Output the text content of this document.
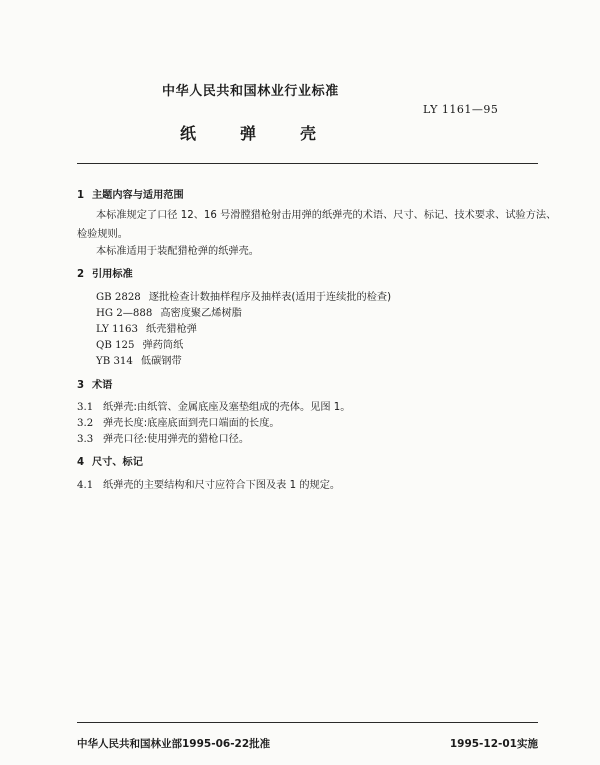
中华人民共和国林业行业标准
LY 1161—95
纸　弹　壳
1 主题内容与适用范围
本标准规定了口径 12、16 号滑膛猎枪射击用弹的纸弹壳的术语、尺寸、标记、技术要求、试验方法、
检验规则。
本标准适用于装配猎枪弹的纸弹壳。
2 引用标准
GB 2828 逐批检查计数抽样程序及抽样表(适用于连续批的检查)
HG 2—888 高密度聚乙烯树脂
LY 1163 纸壳猎枪弹
QB 125 弹药筒纸
YB 314 低碳钢带
3 术语
3.1 纸弹壳:由纸管、金属底座及塞垫组成的壳体。见图 1。
3.2 弹壳长度:底座底面到壳口端面的长度。
3.3 弹壳口径:使用弹壳的猎枪口径。
4 尺寸、标记
4.1 纸弹壳的主要结构和尺寸应符合下图及表 1 的规定。
中华人民共和国林业部1995-06-22批准	1995-12-01实施
